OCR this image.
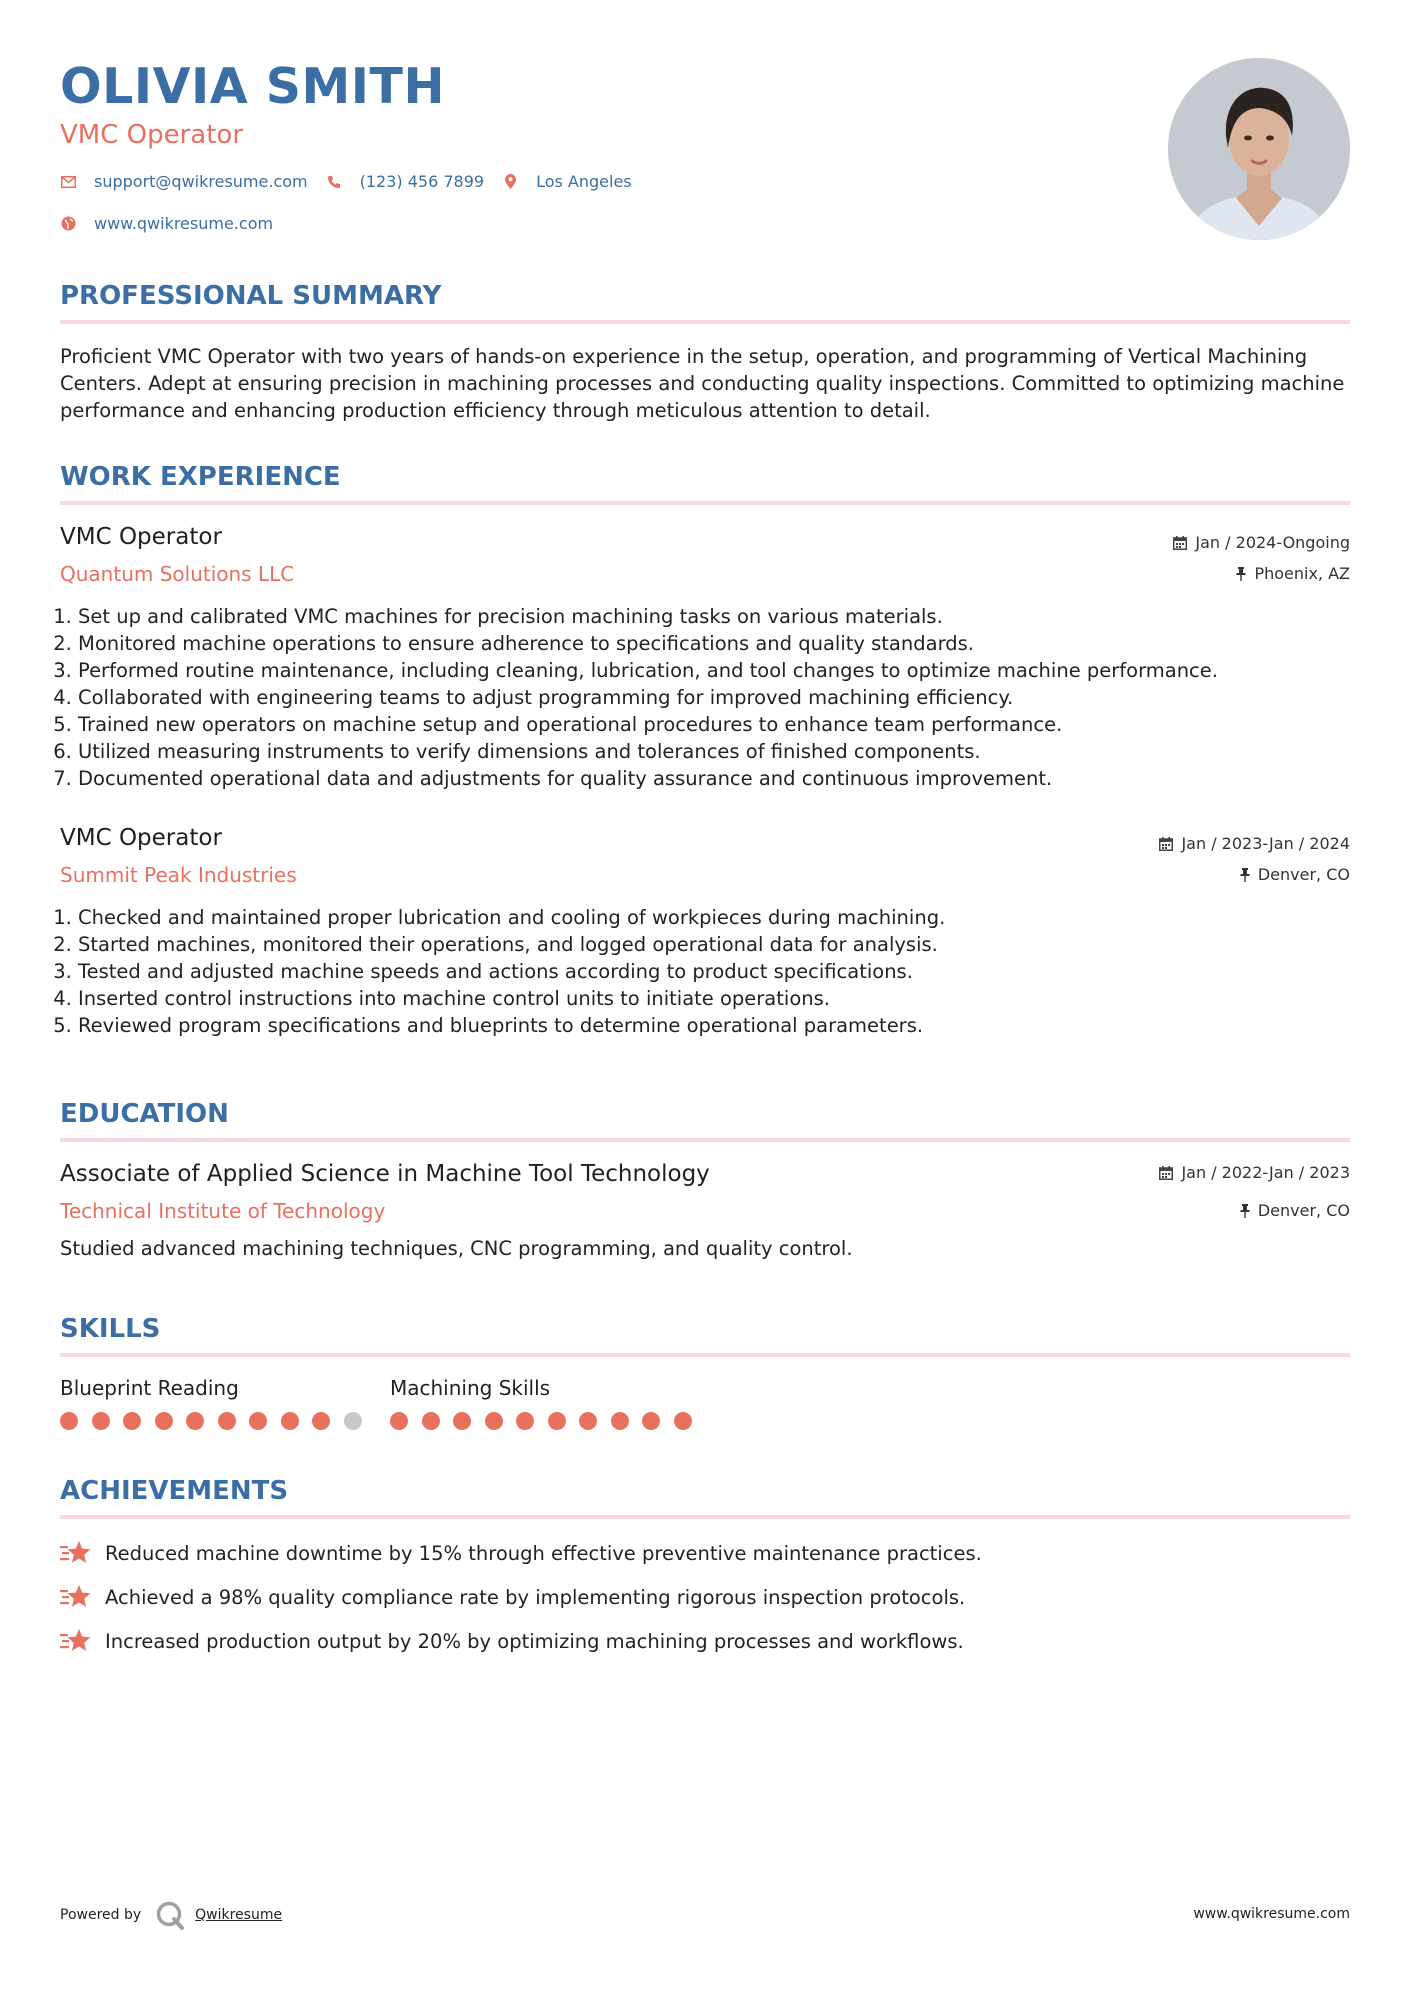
OLIVIA SMITH
VMC Operator
support@qwikresume.com	(123) 456 7899	Los Angeles
www.qwikresume.com
PROFESSIONAL SUMMARY
Proficient VMC Operator with two years of hands-on experience in the setup, operation, and programming of Vertical Machining Centers. Adept at ensuring precision in machining processes and conducting quality inspections. Committed to optimizing machine performance and enhancing production efficiency through meticulous attention to detail.
WORK EXPERIENCE
VMC Operator
Quantum Solutions LLC
Jan / 2024-Ongoing
Phoenix, AZ
1. Set up and calibrated VMC machines for precision machining tasks on various materials.
2. Monitored machine operations to ensure adherence to specifications and quality standards.
3. Performed routine maintenance, including cleaning, lubrication, and tool changes to optimize machine performance.
4. Collaborated with engineering teams to adjust programming for improved machining efficiency.
5. Trained new operators on machine setup and operational procedures to enhance team performance.
6. Utilized measuring instruments to verify dimensions and tolerances of finished components.
7. Documented operational data and adjustments for quality assurance and continuous improvement.
VMC Operator
Summit Peak Industries
Jan / 2023-Jan / 2024
Denver, CO
1. Checked and maintained proper lubrication and cooling of workpieces during machining.
2. Started machines, monitored their operations, and logged operational data for analysis.
3. Tested and adjusted machine speeds and actions according to product specifications.
4. Inserted control instructions into machine control units to initiate operations.
5. Reviewed program specifications and blueprints to determine operational parameters.
EDUCATION
Associate of Applied Science in Machine Tool Technology
Technical Institute of Technology
Jan / 2022-Jan / 2023
Denver, CO
Studied advanced machining techniques, CNC programming, and quality control.
SKILLS
Blueprint Reading	Machining Skills
ACHIEVEMENTS
Reduced machine downtime by 15% through effective preventive maintenance practices.
Achieved a 98% quality compliance rate by implementing rigorous inspection protocols.
Increased production output by 20% by optimizing machining processes and workflows.
Powered by	Qwikresume	www.qwikresume.com
